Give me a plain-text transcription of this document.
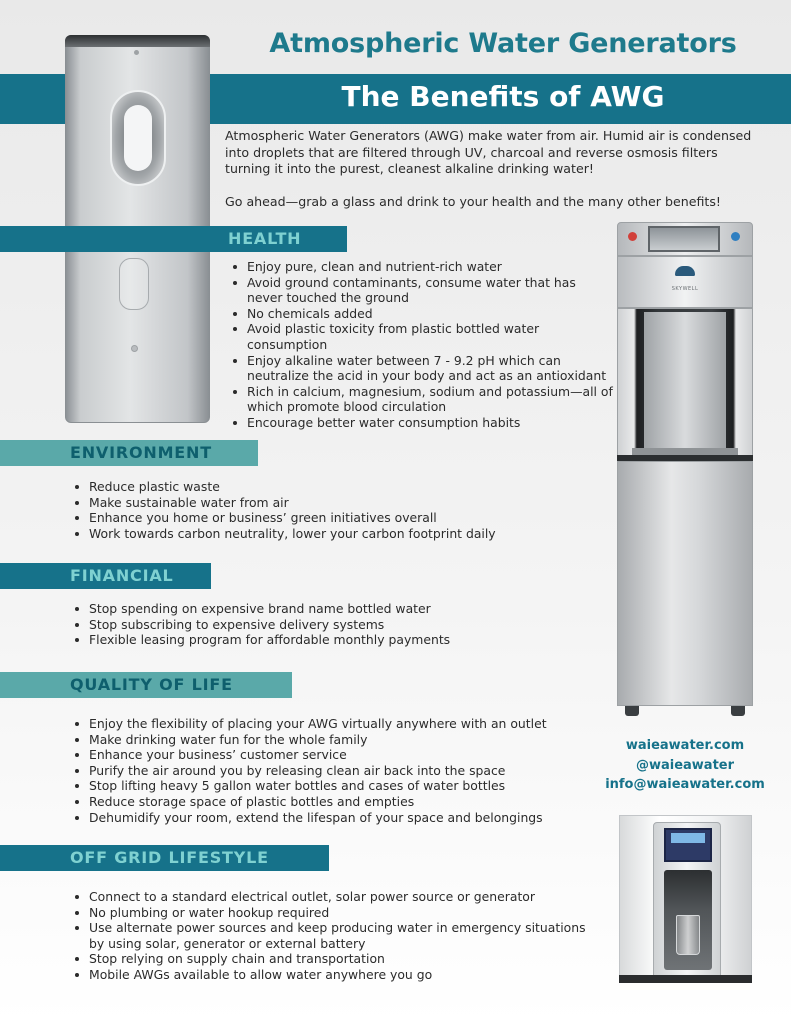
Atmospheric Water Generators
The Benefits of AWG

Atmospheric Water Generators (AWG) make water from air. Humid air is condensed into droplets that are filtered through UV, charcoal and reverse osmosis filters turning it into the purest, cleanest alkaline drinking water!

Go ahead—grab a glass and drink to your health and the many other benefits!

HEALTH
Enjoy pure, clean and nutrient-rich water
Avoid ground contaminants, consume water that has never touched the ground
No chemicals added
Avoid plastic toxicity from plastic bottled water consumption
Enjoy alkaline water between 7 - 9.2 pH which can neutralize the acid in your body and act as an antioxidant
Rich in calcium, magnesium, sodium and potassium—all of which promote blood circulation
Encourage better water consumption habits
ENVIRONMENT
Reduce plastic waste
Make sustainable water from air
Enhance you home or business’ green initiatives overall
Work towards carbon neutrality, lower your carbon footprint daily
FINANCIAL
Stop spending on expensive brand name bottled water
Stop subscribing to expensive delivery systems
Flexible leasing program for affordable monthly payments
QUALITY OF LIFE
Enjoy the flexibility of placing your AWG virtually anywhere with an outlet
Make drinking water fun for the whole family
Enhance your business’ customer service
Purify the air around you by releasing clean air back into the space
Stop lifting heavy 5 gallon water bottles and cases of water bottles
Reduce storage space of plastic bottles and empties
Dehumidify your room, extend the lifespan of your space and belongings
OFF GRID LIFESTYLE
Connect to a standard electrical outlet, solar power source or generator
No plumbing or water hookup required
Use alternate power sources and keep producing water in emergency situations by using solar, generator or external battery
Stop relying on supply chain and transportation
Mobile AWGs available to allow water anywhere you go
SKYWELL
waieawater.com
@waieawater
info@waieawater.com
